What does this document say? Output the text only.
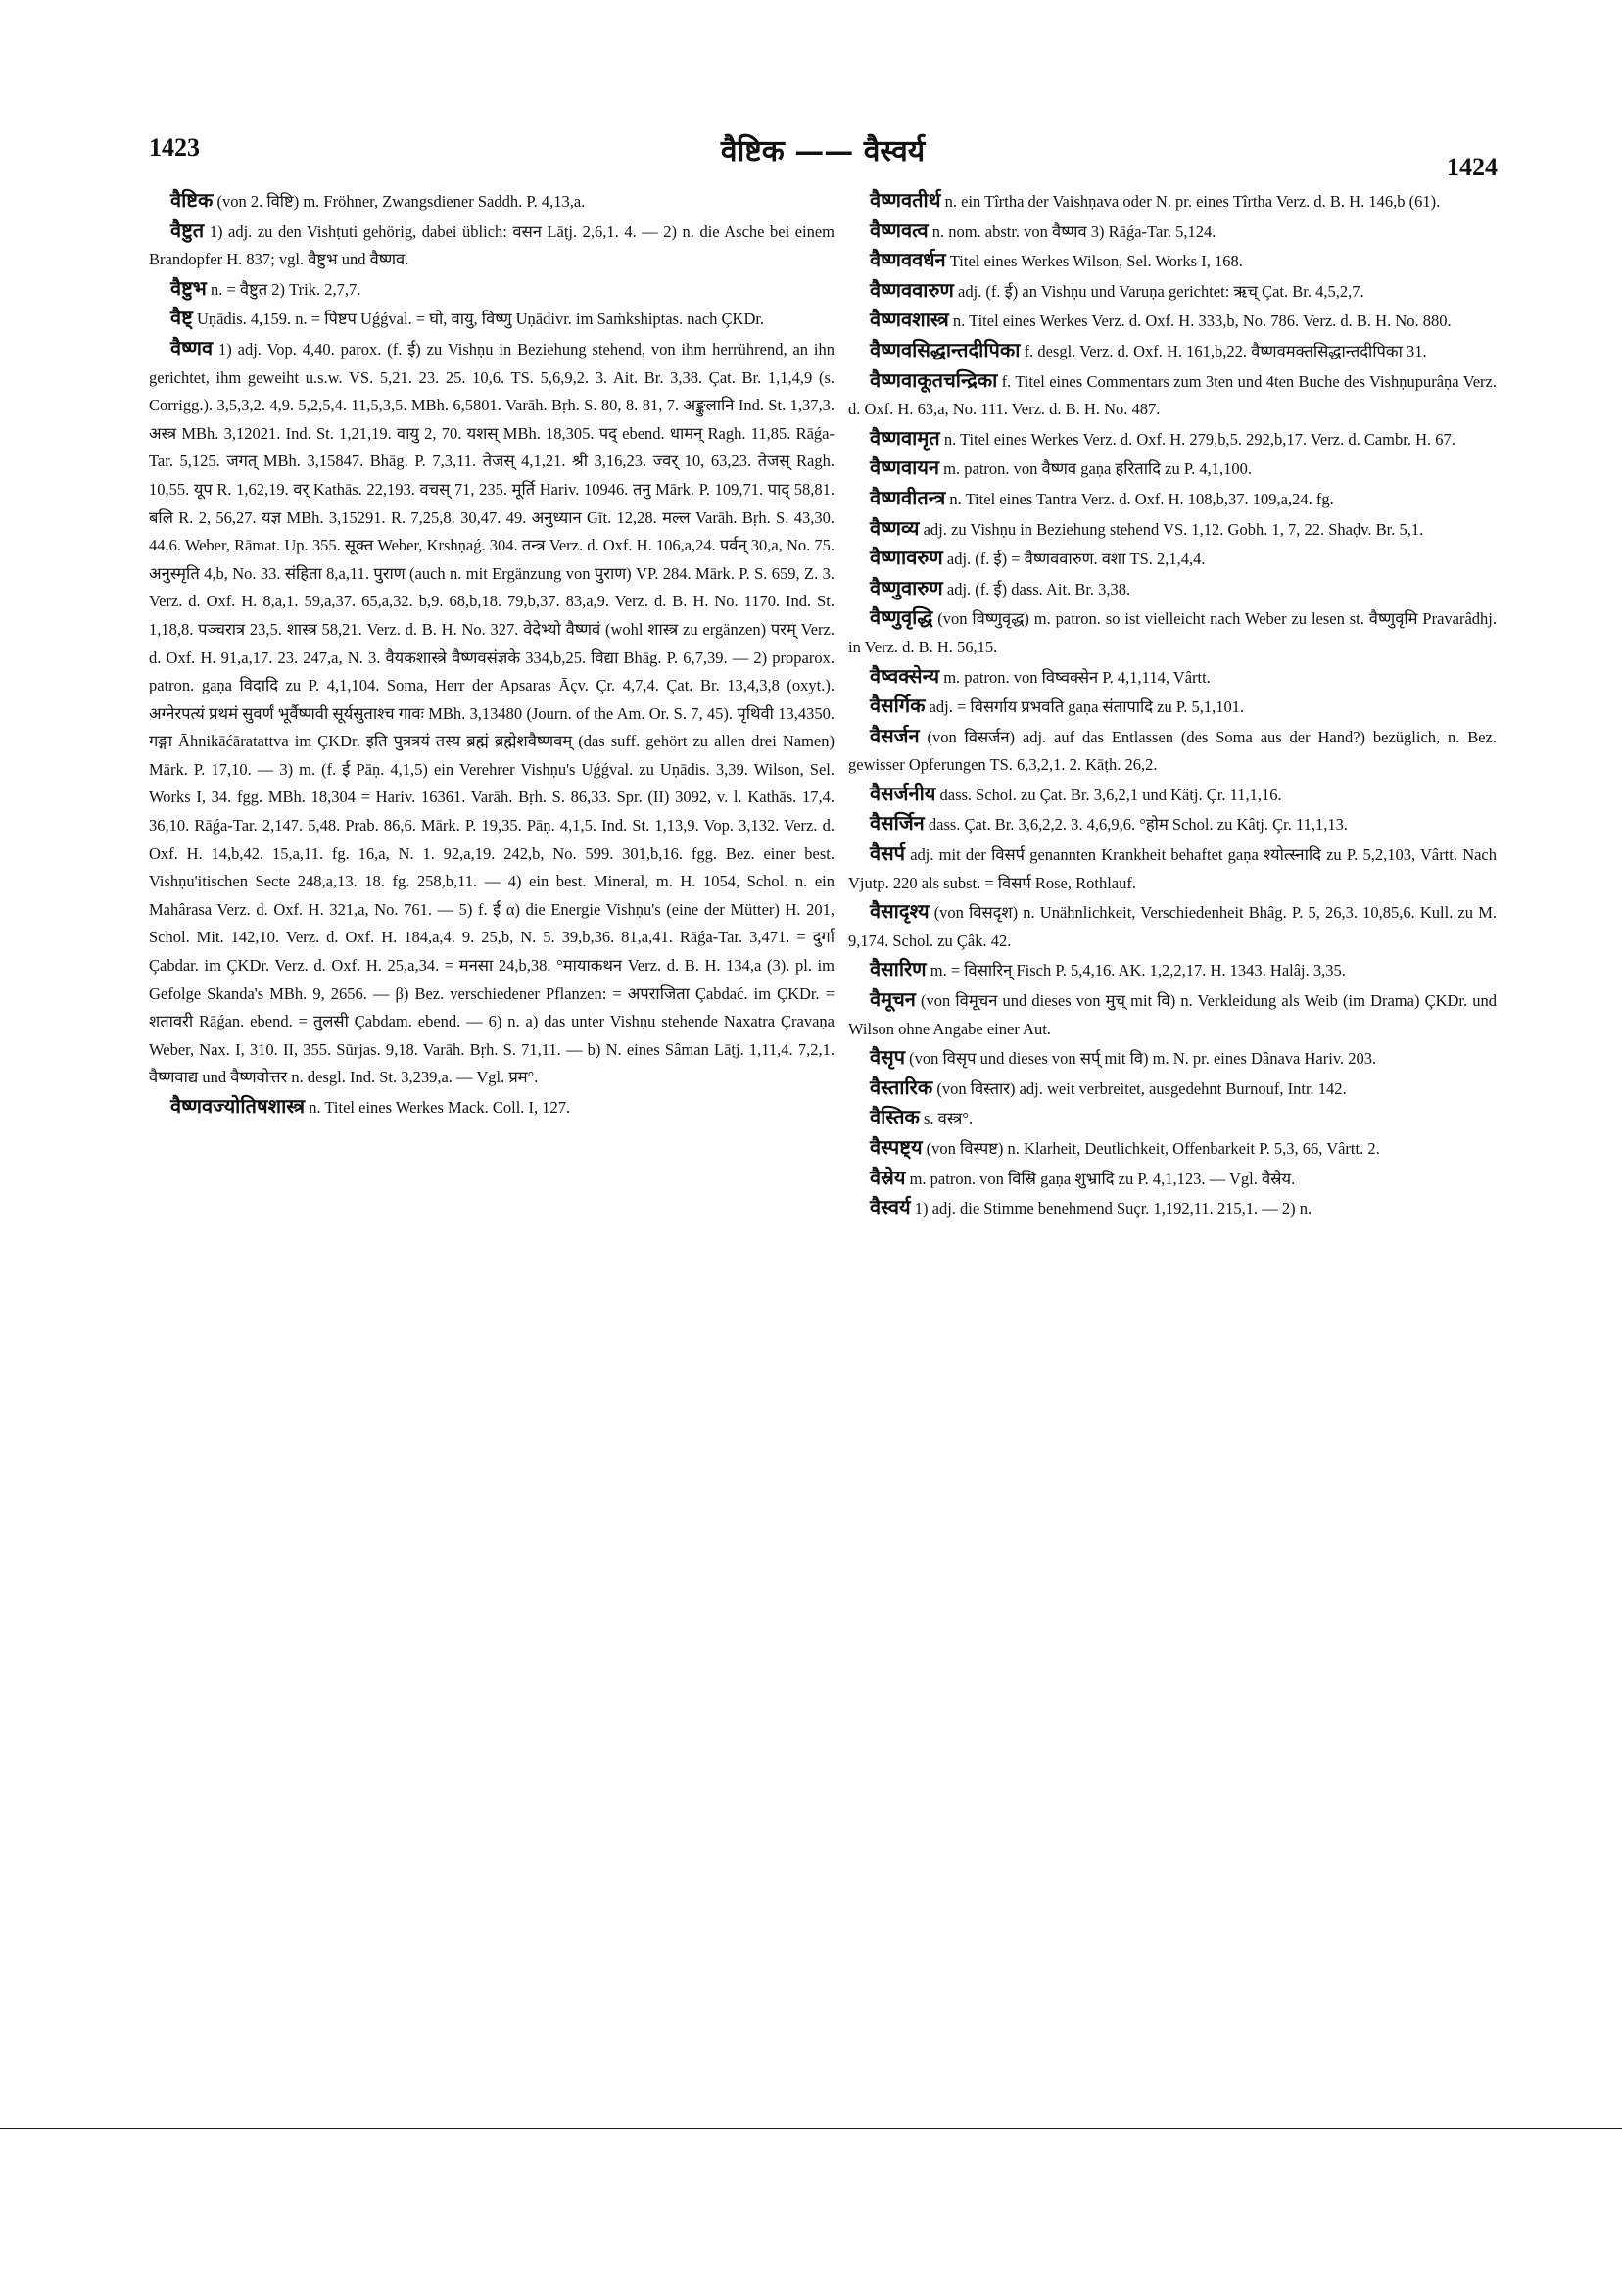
1423	वैष्टिक —— वैस्वर्य	1424

वैष्टिक (von 2. विष्टि) m. Fröhner, Zwangsdiener Saddh. P. 4,13,a.

वैष्टुत 1) adj. zu den Vishṭuti gehörig, dabei üblich: वसन Lāṭj. 2,6,1. 4. — 2) n. die Asche bei einem Brandopfer H. 837; vgl. वैष्टुभ und वैष्णव.

वैष्टुभ n. = वैष्टुत 2) Trik. 2,7,7.

वैष्ट् Uṇādis. 4,159. n. = पिष्टप Uǵǵval. = घो, वायु, विष्णु Uṇādivr. im Saṁkshiptas. nach ÇKDr.

वैष्णव 1) adj. Vop. 4,40. parox. (f. ई) zu Vishṇu in Beziehung stehend, von ihm herrührend, an ihn gerichtet, ihm geweiht u.s.w. VS. 5,21. 23. 25. 10,6. TS. 5,6,9,2. 3. Ait. Br. 3,38. Çat. Br. 1,1,4,9 (s. Corrigg.). 3,5,3,2. 4,9. 5,2,5,4. 11,5,3,5. MBh. 6,5801. Varāh. Bṛh. S. 80, 8. 81, 7. अङ्कुलानि Ind. St. 1,37,3. अस्त्र MBh. 3,12021. Ind. St. 1,21,19. वायु 2, 70. यशस् MBh. 18,305. पद् ebend. धामन् Ragh. 11,85. Rāǵa-Tar. 5,125. जगत् MBh. 3,15847. Bhāg. P. 7,3,11. तेजस् 4,1,21. श्री 3,16,23. ज्वर् 10, 63,23. तेजस् Ragh. 10,55. यूप R. 1,62,19. वर् Kathās. 22,193. वचस् 71, 235. मूर्ति Hariv. 10946. तनु Mārk. P. 109,71. पाद् 58,81. बलि R. 2, 56,27. यज्ञ MBh. 3,15291. R. 7,25,8. 30,47. 49. अनुध्यान Gīt. 12,28. मल्ल Varāh. Bṛh. S. 43,30. 44,6. Weber, Rāmat. Up. 355. सूक्त Weber, Krshṇaǵ. 304. तन्त्र Verz. d. Oxf. H. 106,a,24. पर्वन् 30,a, No. 75. अनुस्मृति 4,b, No. 33. संहिता 8,a,11. पुराण (auch n. mit Ergänzung von पुराण) VP. 284. Mārk. P. S. 659, Z. 3. Verz. d. Oxf. H. 8,a,1. 59,a,37. 65,a,32. b,9. 68,b,18. 79,b,37. 83,a,9. Verz. d. B. H. No. 1170. Ind. St. 1,18,8. पञ्चरात्र 23,5. शास्त्र 58,21. Verz. d. B. H. No. 327. वेदेभ्यो वैष्णवं (wohl शास्त्र zu ergänzen) परम् Verz. d. Oxf. H. 91,a,17. 23. 247,a, N. 3. वैयकशास्त्रे वैष्णवसंज्ञके 334,b,25. विद्या Bhāg. P. 6,7,39. — 2) proparox. patron. gaṇa विदादि zu P. 4,1,104. Soma, Herr der Apsaras Āçv. Çr. 4,7,4. Çat. Br. 13,4,3,8 (oxyt.). अग्नेरपत्यं प्रथमं सुवर्णं भूर्वैष्णवी सूर्यसुताश्च गावः MBh. 3,13480 (Journ. of the Am. Or. S. 7, 45). पृथिवी 13,4350. गङ्गा Āhnikāćāratattva im ÇKDr. इति पुत्रत्रयं तस्य ब्रह्मं ब्रह्मेशवैष्णवम् (das suff. gehört zu allen drei Namen) Mārk. P. 17,10. — 3) m. (f. ई Pāṇ. 4,1,5) ein Verehrer Vishṇu's Uǵǵval. zu Uṇādis. 3,39. Wilson, Sel. Works I, 34. fgg. MBh. 18,304 = Hariv. 16361. Varāh. Bṛh. S. 86,33. Spr. (II) 3092, v. l. Kathās. 17,4. 36,10. Rāǵa-Tar. 2,147. 5,48. Prab. 86,6. Mārk. P. 19,35. Pāṇ. 4,1,5. Ind. St. 1,13,9. Vop. 3,132. Verz. d. Oxf. H. 14,b,42. 15,a,11. fg. 16,a, N. 1. 92,a,19. 242,b, No. 599. 301,b,16. fgg. Bez. einer best. Vishṇu'itischen Secte 248,a,13. 18. fg. 258,b,11. — 4) ein best. Mineral, m. H. 1054, Schol. n. ein Mahârasa Verz. d. Oxf. H. 321,a, No. 761. — 5) f. ई α) die Energie Vishṇu's (eine der Mütter) H. 201, Schol. Mit. 142,10. Verz. d. Oxf. H. 184,a,4. 9. 25,b, N. 5. 39,b,36. 81,a,41. Rāǵa-Tar. 3,471. = दुर्गा Çabdar. im ÇKDr. Verz. d. Oxf. H. 25,a,34. = मनसा 24,b,38. °मायाकथन Verz. d. B. H. 134,a (3). pl. im Gefolge Skanda's MBh. 9, 2656. — β) Bez. verschiedener Pflanzen: = अपराजिता Çabdać. im ÇKDr. = शतावरी Rāǵan. ebend. = तुलसी Çabdam. ebend. — 6) n. a) das unter Vishṇu stehende Naxatra Çravaṇa Weber, Nax. I, 310. II, 355. Sūrjas. 9,18. Varāh. Bṛh. S. 71,11. — b) N. eines Sâman Lāṭj. 1,11,4. 7,2,1. वैष्णवाद्य und वैष्णवोत्तर n. desgl. Ind. St. 3,239,a. — Vgl. प्रम°.

वैष्णवज्योतिषशास्त्र n. Titel eines Werkes Mack. Coll. I, 127.

वैष्णवतीर्थ n. ein Tîrtha der Vaishṇava oder N. pr. eines Tîrtha Verz. d. B. H. 146,b (61).

वैष्णवत्व n. nom. abstr. von वैष्णव 3) Rāǵa-Tar. 5,124.

वैष्णववर्धन Titel eines Werkes Wilson, Sel. Works I, 168.

वैष्णववारुण adj. (f. ई) an Vishṇu und Varuṇa gerichtet: ऋच् Çat. Br. 4,5,2,7.

वैष्णवशास्त्र n. Titel eines Werkes Verz. d. Oxf. H. 333,b, No. 786. Verz. d. B. H. No. 880.

वैष्णवसिद्धान्तदीपिका f. desgl. Verz. d. Oxf. H. 161,b,22. वैष्णवमक्तसिद्धान्तदीपिका 31.

वैष्णवाकूतचन्द्रिका f. Titel eines Commentars zum 3ten und 4ten Buche des Vishṇupurâṇa Verz. d. Oxf. H. 63,a, No. 111. Verz. d. B. H. No. 487.

वैष्णवामृत n. Titel eines Werkes Verz. d. Oxf. H. 279,b,5. 292,b,17. Verz. d. Cambr. H. 67.

वैष्णवायन m. patron. von वैष्णव gaṇa हरितादि zu P. 4,1,100.

वैष्णवीतन्त्र n. Titel eines Tantra Verz. d. Oxf. H. 108,b,37. 109,a,24. fg.

वैष्णव्य adj. zu Vishṇu in Beziehung stehend VS. 1,12. Gobh. 1, 7, 22. Shaḍv. Br. 5,1.

वैष्णावरुण adj. (f. ई) = वैष्णववारुण. वशा TS. 2,1,4,4.

वैष्णुवारुण adj. (f. ई) dass. Ait. Br. 3,38.

वैष्णुवृद्धि (von विष्णुवृद्ध) m. patron. so ist vielleicht nach Weber zu lesen st. वैष्णुवृमि Pravarâdhj. in Verz. d. B. H. 56,15.

वैष्वक्सेन्य m. patron. von विष्वक्सेन P. 4,1,114, Vârtt.

वैसर्गिक adj. = विसर्गाय प्रभवति gaṇa संतापादि zu P. 5,1,101.

वैसर्जन (von विसर्जन) adj. auf das Entlassen (des Soma aus der Hand?) bezüglich, n. Bez. gewisser Opferungen TS. 6,3,2,1. 2. Kāṭh. 26,2.

वैसर्जनीय dass. Schol. zu Çat. Br. 3,6,2,1 und Kâtj. Çr. 11,1,16.

वैसर्जिन dass. Çat. Br. 3,6,2,2. 3. 4,6,9,6. °होम Schol. zu Kâtj. Çr. 11,1,13.

वैसर्प adj. mit der विसर्प genannten Krankheit behaftet gaṇa श्योत्स्नादि zu P. 5,2,103, Vârtt. Nach Vjutp. 220 als subst. = विसर्प Rose, Rothlauf.

वैसादृश्य (von विसदृश) n. Unähnlichkeit, Verschiedenheit Bhâg. P. 5, 26,3. 10,85,6. Kull. zu M. 9,174. Schol. zu Çâk. 42.

वैसारिण m. = विसारिन् Fisch P. 5,4,16. AK. 1,2,2,17. H. 1343. Halâj. 3,35.

वैमूचन (von विमूचन und dieses von मुच् mit वि) n. Verkleidung als Weib (im Drama) ÇKDr. und Wilson ohne Angabe einer Aut.

वैसृप (von विसृप und dieses von सर्प् mit वि) m. N. pr. eines Dânava Hariv. 203.

वैस्तारिक (von विस्तार) adj. weit verbreitet, ausgedehnt Burnouf, Intr. 142.

वैस्तिक s. वस्त्र°.

वैस्पष्ट्य (von विस्पष्ट) n. Klarheit, Deutlichkeit, Offenbarkeit P. 5,3, 66, Vârtt. 2.

वैस्रेय m. patron. von विस्रि gaṇa शुभ्रादि zu P. 4,1,123. — Vgl. वैस्रेय.

वैस्वर्य 1) adj. die Stimme benehmend Suçr. 1,192,11. 215,1. — 2) n.
